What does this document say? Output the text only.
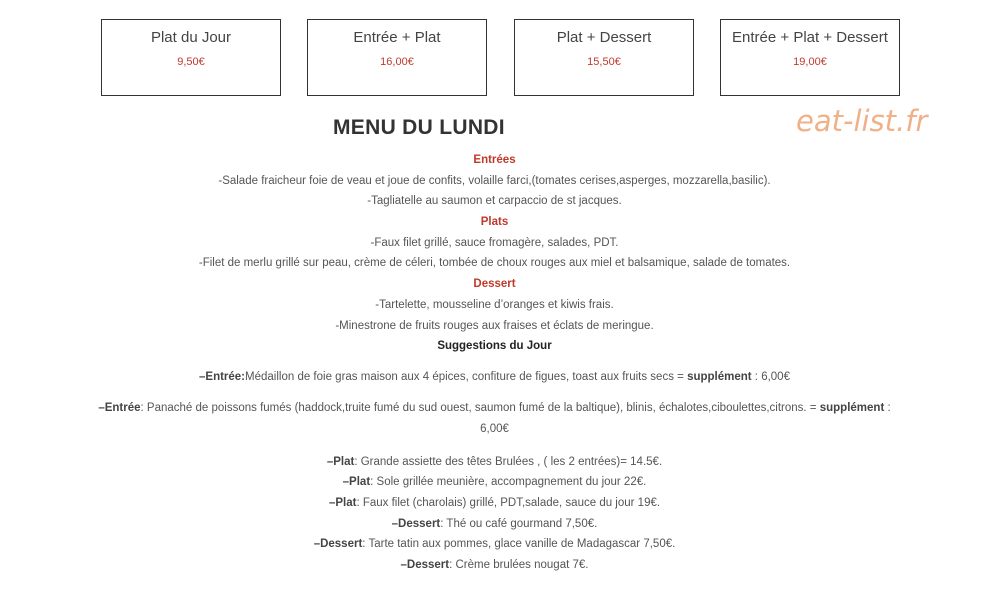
Plat du Jour
9,50€
Entrée + Plat
16,00€
Plat + Dessert
15,50€
Entrée + Plat + Dessert
19,00€
MENU DU LUNDI	eat-list.fr
Entrées
-Salade fraicheur foie de veau et joue de confits, volaille farci,(tomates cerises,asperges, mozzarella,basilic).
-Tagliatelle au saumon et carpaccio de st jacques.
Plats
-Faux filet grillé, sauce fromagère, salades, PDT.
-Filet de merlu grillé sur peau, crème de céleri, tombée de choux rouges aux miel et balsamique, salade de tomates.
Dessert
-Tartelette, mousseline d’oranges et kiwis frais.
-Minestrone de fruits rouges aux fraises et éclats de meringue.
Suggestions du Jour
–Entrée:Médaillon de foie gras maison aux 4 épices, confiture de figues, toast aux fruits secs = supplément : 6,00€
–Entrée: Panaché de poissons fumés (haddock,truite fumé du sud ouest, saumon fumé de la baltique), blinis, échalotes,ciboulettes,citrons. = supplément : 6,00€
–Plat: Grande assiette des têtes Brulées , ( les 2 entrées)= 14.5€.
–Plat: Sole grillée meunière, accompagnement du jour 22€.
–Plat: Faux filet (charolais) grillé, PDT,salade, sauce du jour 19€.
–Dessert: Thé ou café gourmand 7,50€.
–Dessert: Tarte tatin aux pommes, glace vanille de Madagascar 7,50€.
–Dessert: Crème brulées nougat 7€.
